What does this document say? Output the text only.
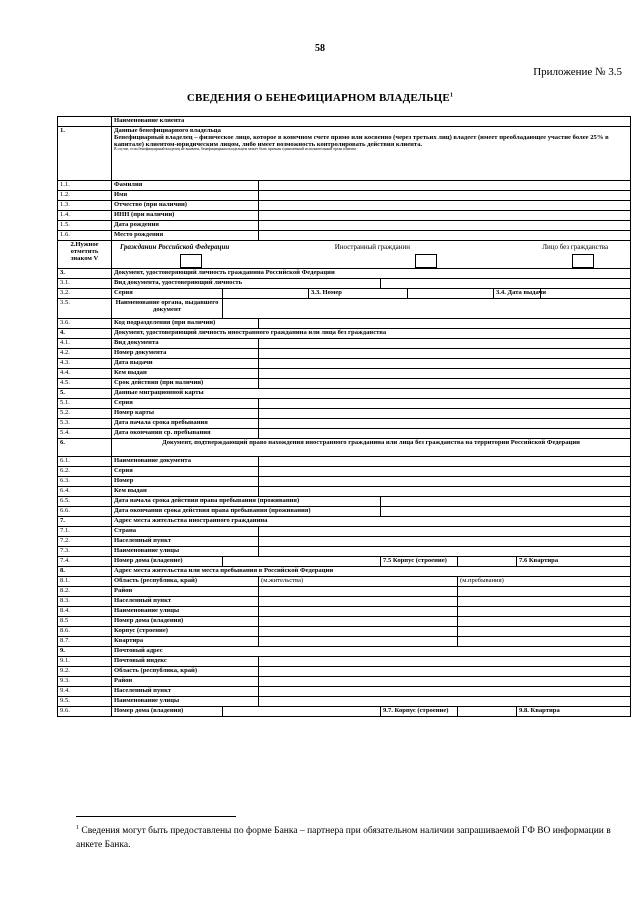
58
Приложение № 3.5
СВЕДЕНИЯ О БЕНЕФИЦИАРНОМ ВЛАДЕЛЬЦЕ$^1$
	Наименование клиента										
1.	Данные бенефициарного владельца
Бенефициарный владелец – физическое лицо, которое в конечном счете прямо или косвенно (через третьих лиц) владеет (имеет преобладающее участие более 25% в капитале) клиентом-юридическим лицом, либо имеет возможность контролировать действия клиента.
В случае, если бенефициарный владелец не выявлен, бенефициарным владельцем может быть признан единоличный исполнительный орган клиента.										

1.1.	Фамилия										
1.2.	Имя										
1.3.	Отчество (при наличии)										
1.4.	ИНН (при наличии)										

1.5.	Дата рождения										
1.6.	Место рождения										
2.Нужное отметить знаком V	Гражданин Российской Федерации Иностранный гражданин Лицо без гражданства										

3.	Документ, удостоверяющий личность гражданина Российской Федерации										
3.1.	Вид документа, удостоверяющий личность										
3.2.	Серия			3.3. Номер				3.4. Дата выдачи			
3.5.	Наименование органа, выдавшего документ										
3.6.	Код подразделения (при наличии)										
4.	Документ, удостоверяющий личность иностранного гражданина или лица без гражданства										
4.1.	Вид документа										
4.2.	Номер документа										
4.3.	Дата выдачи										
4.4.	Кем выдан										
4.5.	Срок действия (при наличии)										
5.	Данные миграционной карты										
5.1.	Серия										
5.2.	Номер карты										
5.3.	Дата начала срока пребывания										
5.4.	Дата окончания ср. пребывания										
6.	Документ, подтверждающий право нахождения иностранного гражданина или лица без гражданства на территории Российской Федерации										
6.1.	Наименование документа										
6.2.	Серия										
6.3.	Номер										
6.4.	Кем выдан										
6.5.	Дата начала срока действия права пребывания (проживания)										
6.6.	Дата окончания срока действия права пребывания (проживания)										
7.	Адрес места жительства иностранного гражданина										
7.1.	Страна										
7.2.	Населенный пункт										
7.3.	Наименование улицы										
7.4.	Номер дома (владение)				7.5 Корпус (строение)				7.6 Квартира		
8.	Адрес места жительства или места пребывания в Российской Федерации										
8.1.	Область (республика, край)		(м.жительства)				(м.пребывания)				
8.2.	Район										
8.3.	Населенный пункт										
8.4.	Наименование улицы										
8.5	Номер дома (владения)										
8.6.	Корпус (строение)										
8.7.	Квартира										
9.	Почтовый адрес										
9.1.	Почтовый индекс										

9.2.	Область (республика, край)										
9.3.	Район										
9.4.	Населенный пункт										
9.5.	Наименование улицы										
9.6.	Номер дома (владения)				9.7. Корпус (строение)				9.8. Квартира		
$^1$ Сведения могут быть предоставлены по форме Банка – партнера при обязательном наличии запрашиваемой ГФ ВО информации в анкете Банка.
